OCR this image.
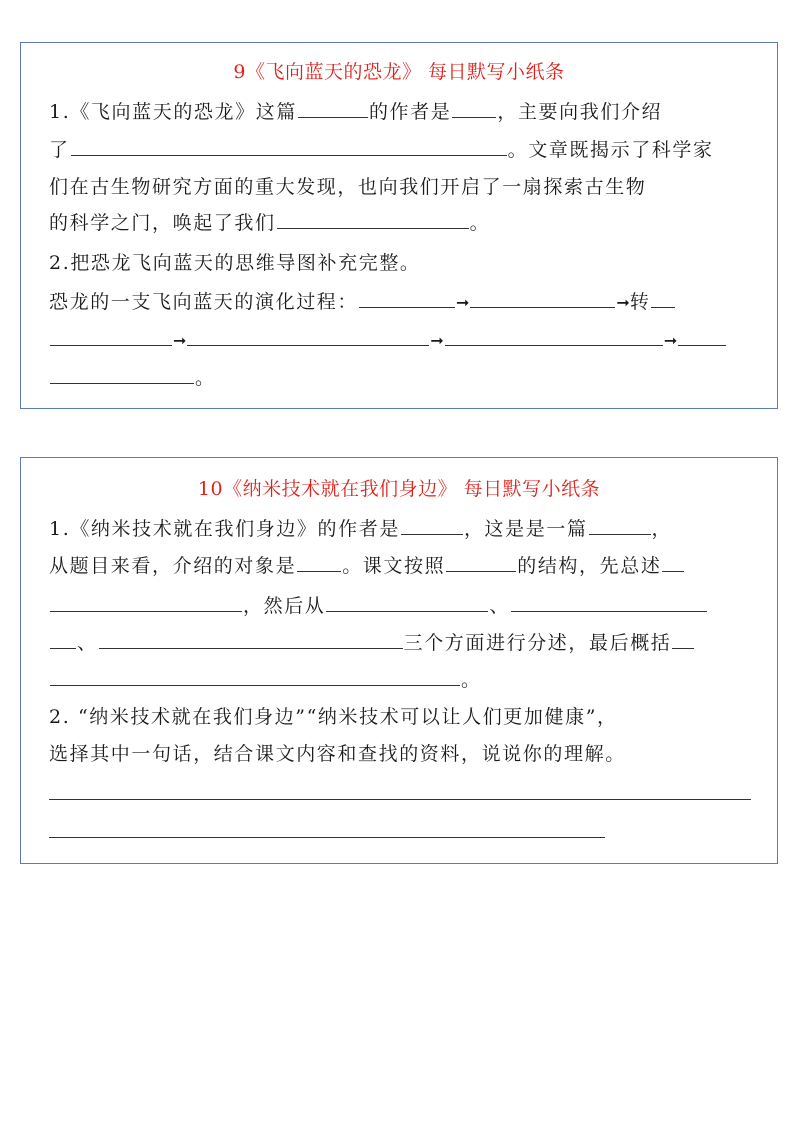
9《飞向蓝天的恐龙》 每日默写小纸条
1.《飞向蓝天的恐龙》这篇	的作者是 ，主要向我们介绍
了	。文章既揭示了科学家
们在古生物研究方面的重大发现，也向我们开启了一扇探索古生物
的科学之门，唤起了我们	。
2.把恐龙飞向蓝天的思维导图补充完整。
恐龙的一支飞向蓝天的演化过程：	➞	➞转
➞	➞	➞
。
10《纳米技术就在我们身边》 每日默写小纸条
1.《纳米技术就在我们身边》的作者是	，这是是一篇	，
从题目来看，介绍的对象是 。课文按照	的结构，先总述
，然后从	、
、	三个方面进行分述，最后概括
。
2. “纳米技术就在我们身边”“纳米技术可以让人们更加健康”，
选择其中一句话，结合课文内容和查找的资料，说说你的理解。
